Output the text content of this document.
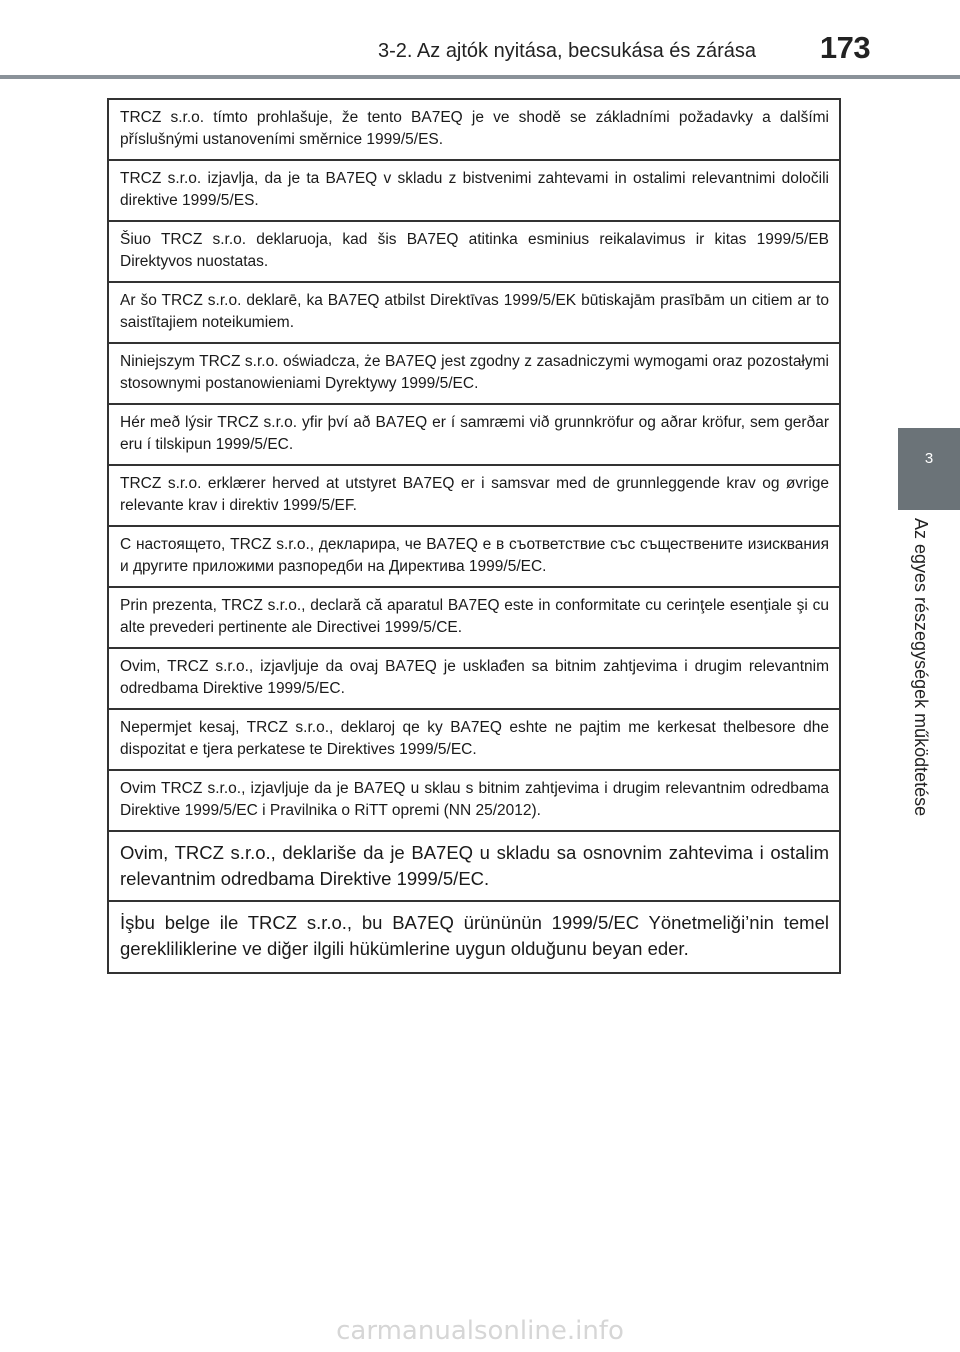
3-2. Az ajtók nyitása, becsukása és zárása	173
3
Az egyes részegységek működtetése
TRCZ s.r.o. tímto prohlašuje, že tento BA7EQ je ve shodě se základními požadavky a dalšími příslušnými ustanoveními směrnice 1999/5/ES.
TRCZ s.r.o. izjavlja, da je ta BA7EQ v skladu z bistvenimi zahtevami in ostalimi relevantnimi določili direktive 1999/5/ES.
Šiuo TRCZ s.r.o. deklaruoja, kad šis BA7EQ atitinka esminius reikalavimus ir kitas 1999/5/EB Direktyvos nuostatas.
Ar šo TRCZ s.r.o. deklarē, ka BA7EQ atbilst Direktīvas 1999/5/EK būtiskajām prasībām un citiem ar to saistītajiem noteikumiem.
Niniejszym TRCZ s.r.o. oświadcza, że BA7EQ jest zgodny z zasadniczymi wymogami oraz pozostałymi stosownymi postanowieniami Dyrektywy 1999/5/EC.
Hér með lýsir TRCZ s.r.o. yfir því að BA7EQ er í samræmi við grunnkröfur og aðrar kröfur, sem gerðar eru í tilskipun 1999/5/EC.
TRCZ s.r.o. erklærer herved at utstyret BA7EQ er i samsvar med de grunnleggende krav og øvrige relevante krav i direktiv 1999/5/EF.
С настоящето, TRCZ s.r.o., декларира, че BA7EQ е в съответствие със съществените изисквания и другите приложими разпоредби на Директива 1999/5/EC.
Prin prezenta, TRCZ s.r.o., declară că aparatul BA7EQ este in conformitate cu cerinţele esenţiale şi cu alte prevederi pertinente ale Directivei 1999/5/CE.
Ovim, TRCZ s.r.o., izjavljuje da ovaj BA7EQ je usklađen sa bitnim zahtjevima i drugim relevantnim odredbama Direktive 1999/5/EC.
Nepermjet kesaj, TRCZ s.r.o., deklaroj qe ky BA7EQ eshte ne pajtim me kerkesat thelbesore dhe dispozitat e tjera perkatese te Direktives 1999/5/EC.
Ovim TRCZ s.r.o., izjavljuje da je BA7EQ u sklau s bitnim zahtjevima i drugim relevantnim odredbama Direktive 1999/5/EC i Pravilnika o RiTT opremi (NN 25/2012).
Ovim, TRCZ s.r.o., deklariše da je BA7EQ u skladu sa osnovnim zahtevima i ostalim relevantnim odredbama Direktive 1999/5/EC.
İşbu belge ile TRCZ s.r.o., bu BA7EQ ürününün 1999/5/EC Yönetmeliği’nin temel gerekliliklerine ve diğer ilgili hükümlerine uygun olduğunu beyan eder.
carmanualsonline.info
